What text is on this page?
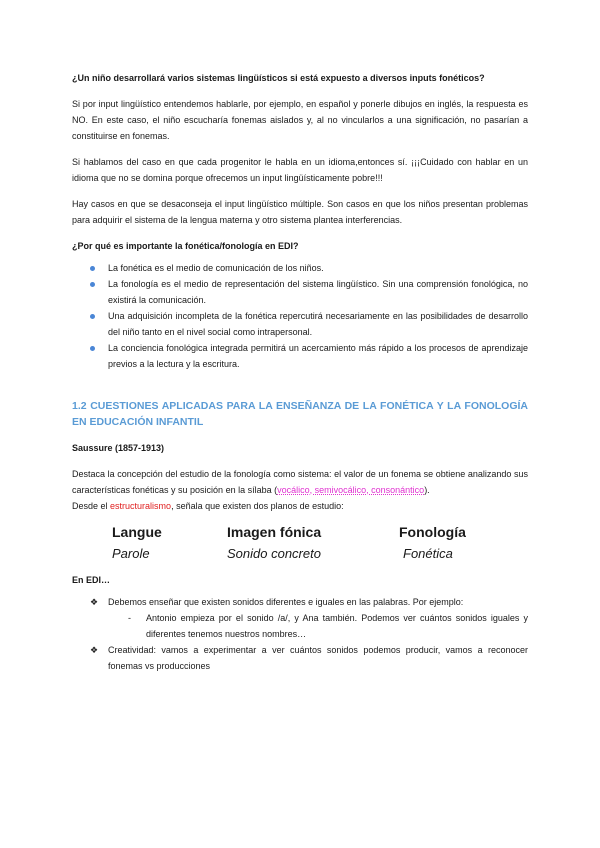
¿Un niño desarrollará varios sistemas lingüísticos si está expuesto a diversos inputs fonéticos?

Si por input lingüístico entendemos hablarle, por ejemplo, en español y ponerle dibujos en inglés, la respuesta es NO. En este caso, el niño escucharía fonemas aislados y, al no vincularlos a una significación, no pasarían a constituirse en fonemas.

Si hablamos del caso en que cada progenitor le habla en un idioma,entonces sí. ¡¡¡Cuidado con hablar en un idioma que no se domina porque ofrecemos un input lingüísticamente pobre!!!

Hay casos en que se desaconseja el input lingüístico múltiple. Son casos en que los niños presentan problemas para adquirir el sistema de la lengua materna y otro sistema plantea interferencias.

¿Por qué es importante la fonética/fonología en EDI?

La fonética es el medio de comunicación de los niños.
La fonología es el medio de representación del sistema lingüístico. Sin una comprensión fonológica, no existirá la comunicación.
Una adquisición incompleta de la fonética repercutirá necesariamente en las posibilidades de desarrollo del niño tanto en el nivel social como intrapersonal.
La conciencia fonológica integrada permitirá un acercamiento más rápido a los procesos de aprendizaje previos a la lectura y la escritura.
1.2 CUESTIONES APLICADAS PARA LA ENSEÑANZA DE LA FONÉTICA Y LA FONOLOGÍA EN EDUCACIÓN INFANTIL

Saussure (1857-1913)

Destaca la concepción del estudio de la fonología como sistema: el valor de un fonema se obtiene analizando sus características fonéticas y su posición en la sílaba (vocálico, semivocálico, consonántico).

Desde el estructuralismo, señala que existen dos planos de estudio:

Langue	Imagen fónica	Fonología
Parole	Sonido concreto	Fonética

En EDI…

❖ Debemos enseñar que existen sonidos diferentes e iguales en las palabras. Por ejemplo:
- Antonio empieza por el sonido /a/, y Ana también. Podemos ver cuántos sonidos iguales y diferentes tenemos nuestros nombres…
❖ Creatividad: vamos a experimentar a ver cuántos sonidos podemos producir, vamos a reconocer fonemas vs producciones
